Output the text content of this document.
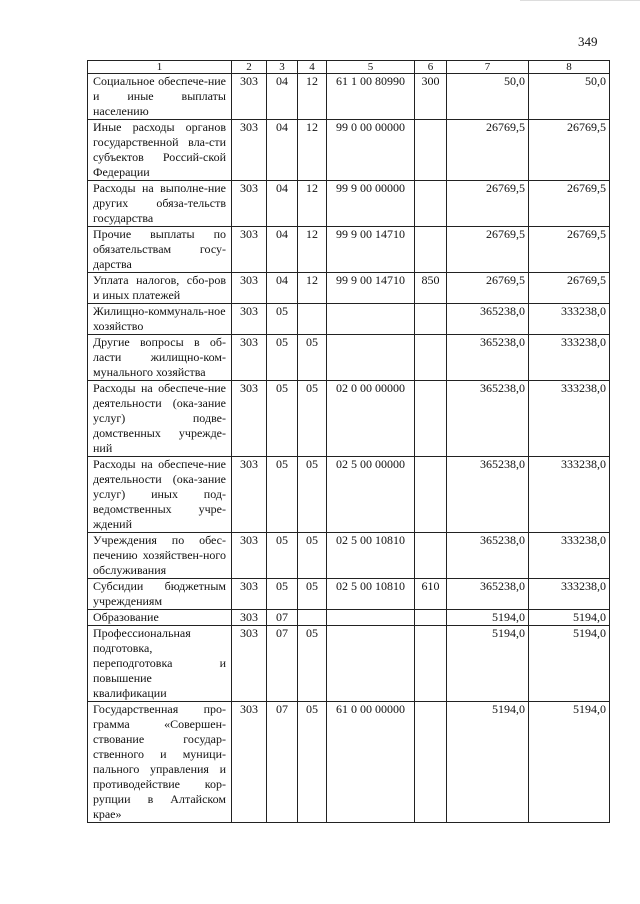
349
1	2	3	4	5	6	7	8
Социальное обеспече-ние и иные выплаты населению	303	04	12	61 1 00 80990	300	50,0	50,0
Иные расходы органов государственной вла-сти субъектов Россий-ской Федерации	303	04	12	99 0 00 00000		26769,5	26769,5
Расходы на выполне-ние других обяза-тельств государства	303	04	12	99 9 00 00000		26769,5	26769,5
Прочие выплаты по обязательствам госу-дарства	303	04	12	99 9 00 14710		26769,5	26769,5
Уплата налогов, сбо-ров и иных платежей	303	04	12	99 9 00 14710	850	26769,5	26769,5
Жилищно-коммуналь-ное хозяйство	303	05				365238,0	333238,0
Другие вопросы в об-ласти жилищно-ком-мунального хозяйства	303	05	05			365238,0	333238,0
Расходы на обеспече-ние деятельности (ока-зание услуг) подве-домственных учрежде-ний	303	05	05	02 0 00 00000		365238,0	333238,0
Расходы на обеспече-ние деятельности (ока-зание услуг) иных под-ведомственных учре-ждений	303	05	05	02 5 00 00000		365238,0	333238,0
Учреждения по обес-печению хозяйствен-ного обслуживания	303	05	05	02 5 00 10810		365238,0	333238,0
Субсидии бюджетным учреждениям	303	05	05	02 5 00 10810	610	365238,0	333238,0
Образование	303	07				5194,0	5194,0
Профессиональная подготовка, переподготовка и повышение квалификации	303	07	05			5194,0	5194,0
Государственная про-грамма «Совершен-ствование государ-ственного и муници-пального управления и противодействие кор-рупции в Алтайском крае»	303	07	05	61 0 00 00000		5194,0	5194,0
